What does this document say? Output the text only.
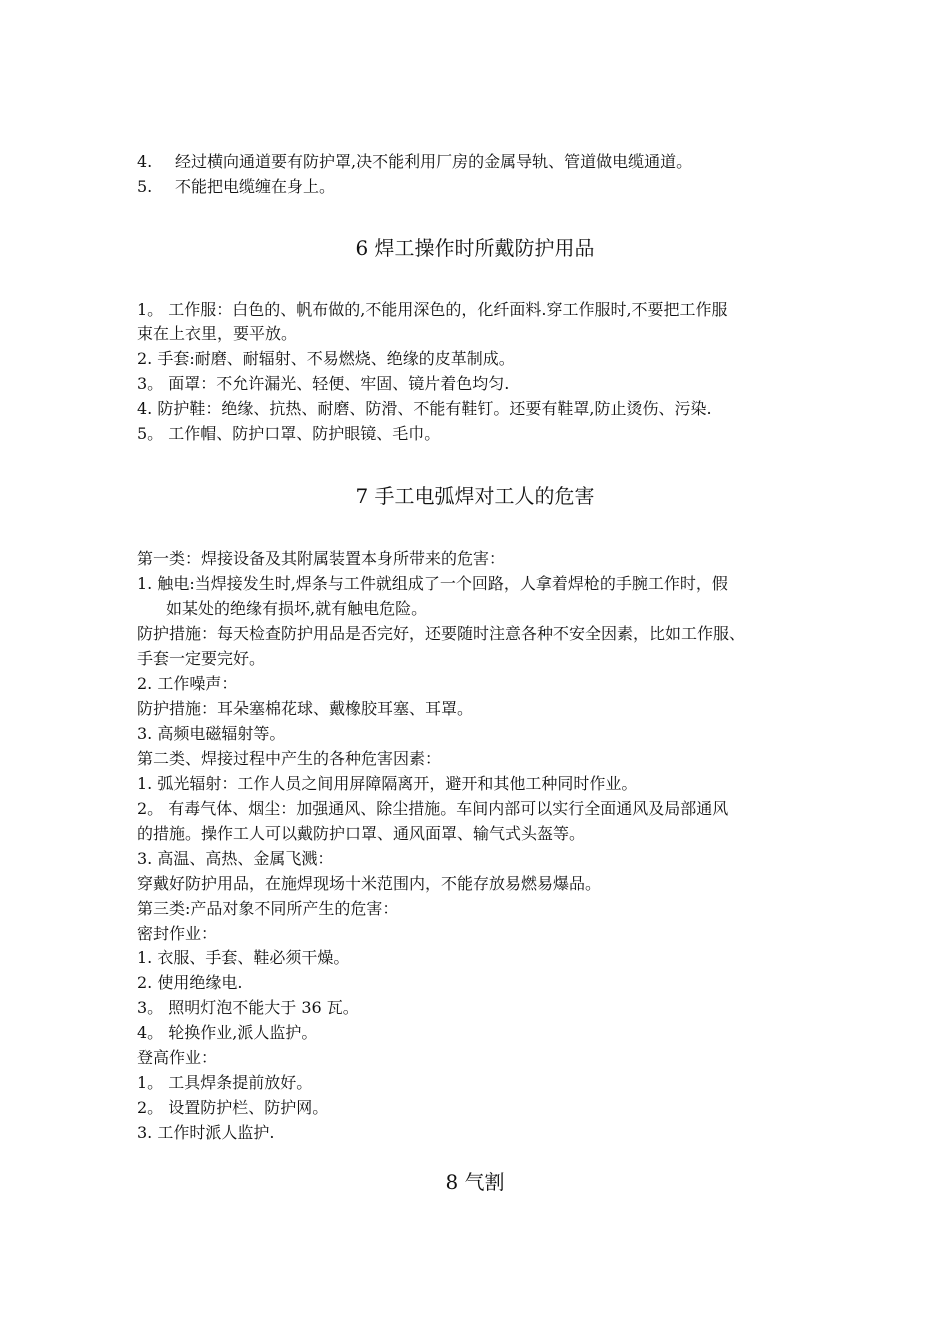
4. 经过横向通道要有防护罩,决不能利用厂房的金属导轨、管道做电缆通道。
5. 不能把电缆缠在身上。
6 焊工操作时所戴防护用品
1。 工作服：白色的、帆布做的,不能用深色的，化纤面料.穿工作服时,不要把工作服
束在上衣里，要平放。
2. 手套:耐磨、耐辐射、不易燃烧、绝缘的皮革制成。
3。 面罩：不允许漏光、轻便、牢固、镜片着色均匀.
4. 防护鞋：绝缘、抗热、耐磨、防滑、不能有鞋钉。还要有鞋罩,防止烫伤、污染.
5。 工作帽、防护口罩、防护眼镜、毛巾。
7 手工电弧焊对工人的危害
第一类：焊接设备及其附属装置本身所带来的危害：
1. 触电:当焊接发生时,焊条与工件就组成了一个回路，人拿着焊枪的手腕工作时，假
如某处的绝缘有损坏,就有触电危险。
防护措施：每天检查防护用品是否完好，还要随时注意各种不安全因素，比如工作服、
手套一定要完好。
2. 工作噪声：
防护措施：耳朵塞棉花球、戴橡胶耳塞、耳罩。
3. 高频电磁辐射等。
第二类、焊接过程中产生的各种危害因素：
1. 弧光辐射：工作人员之间用屏障隔离开，避开和其他工种同时作业。
2。 有毒气体、烟尘：加强通风、除尘措施。车间内部可以实行全面通风及局部通风
的措施。操作工人可以戴防护口罩、通风面罩、输气式头盔等。
3. 高温、高热、金属飞溅：
穿戴好防护用品，在施焊现场十米范围内，不能存放易燃易爆品。
第三类:产品对象不同所产生的危害：
密封作业：
1. 衣服、手套、鞋必须干燥。
2. 使用绝缘电.
3。 照明灯泡不能大于 36 瓦。
4。 轮换作业,派人监护。
登高作业：
1。 工具焊条提前放好。
2。 设置防护栏、防护网。
3. 工作时派人监护.
8 气割
